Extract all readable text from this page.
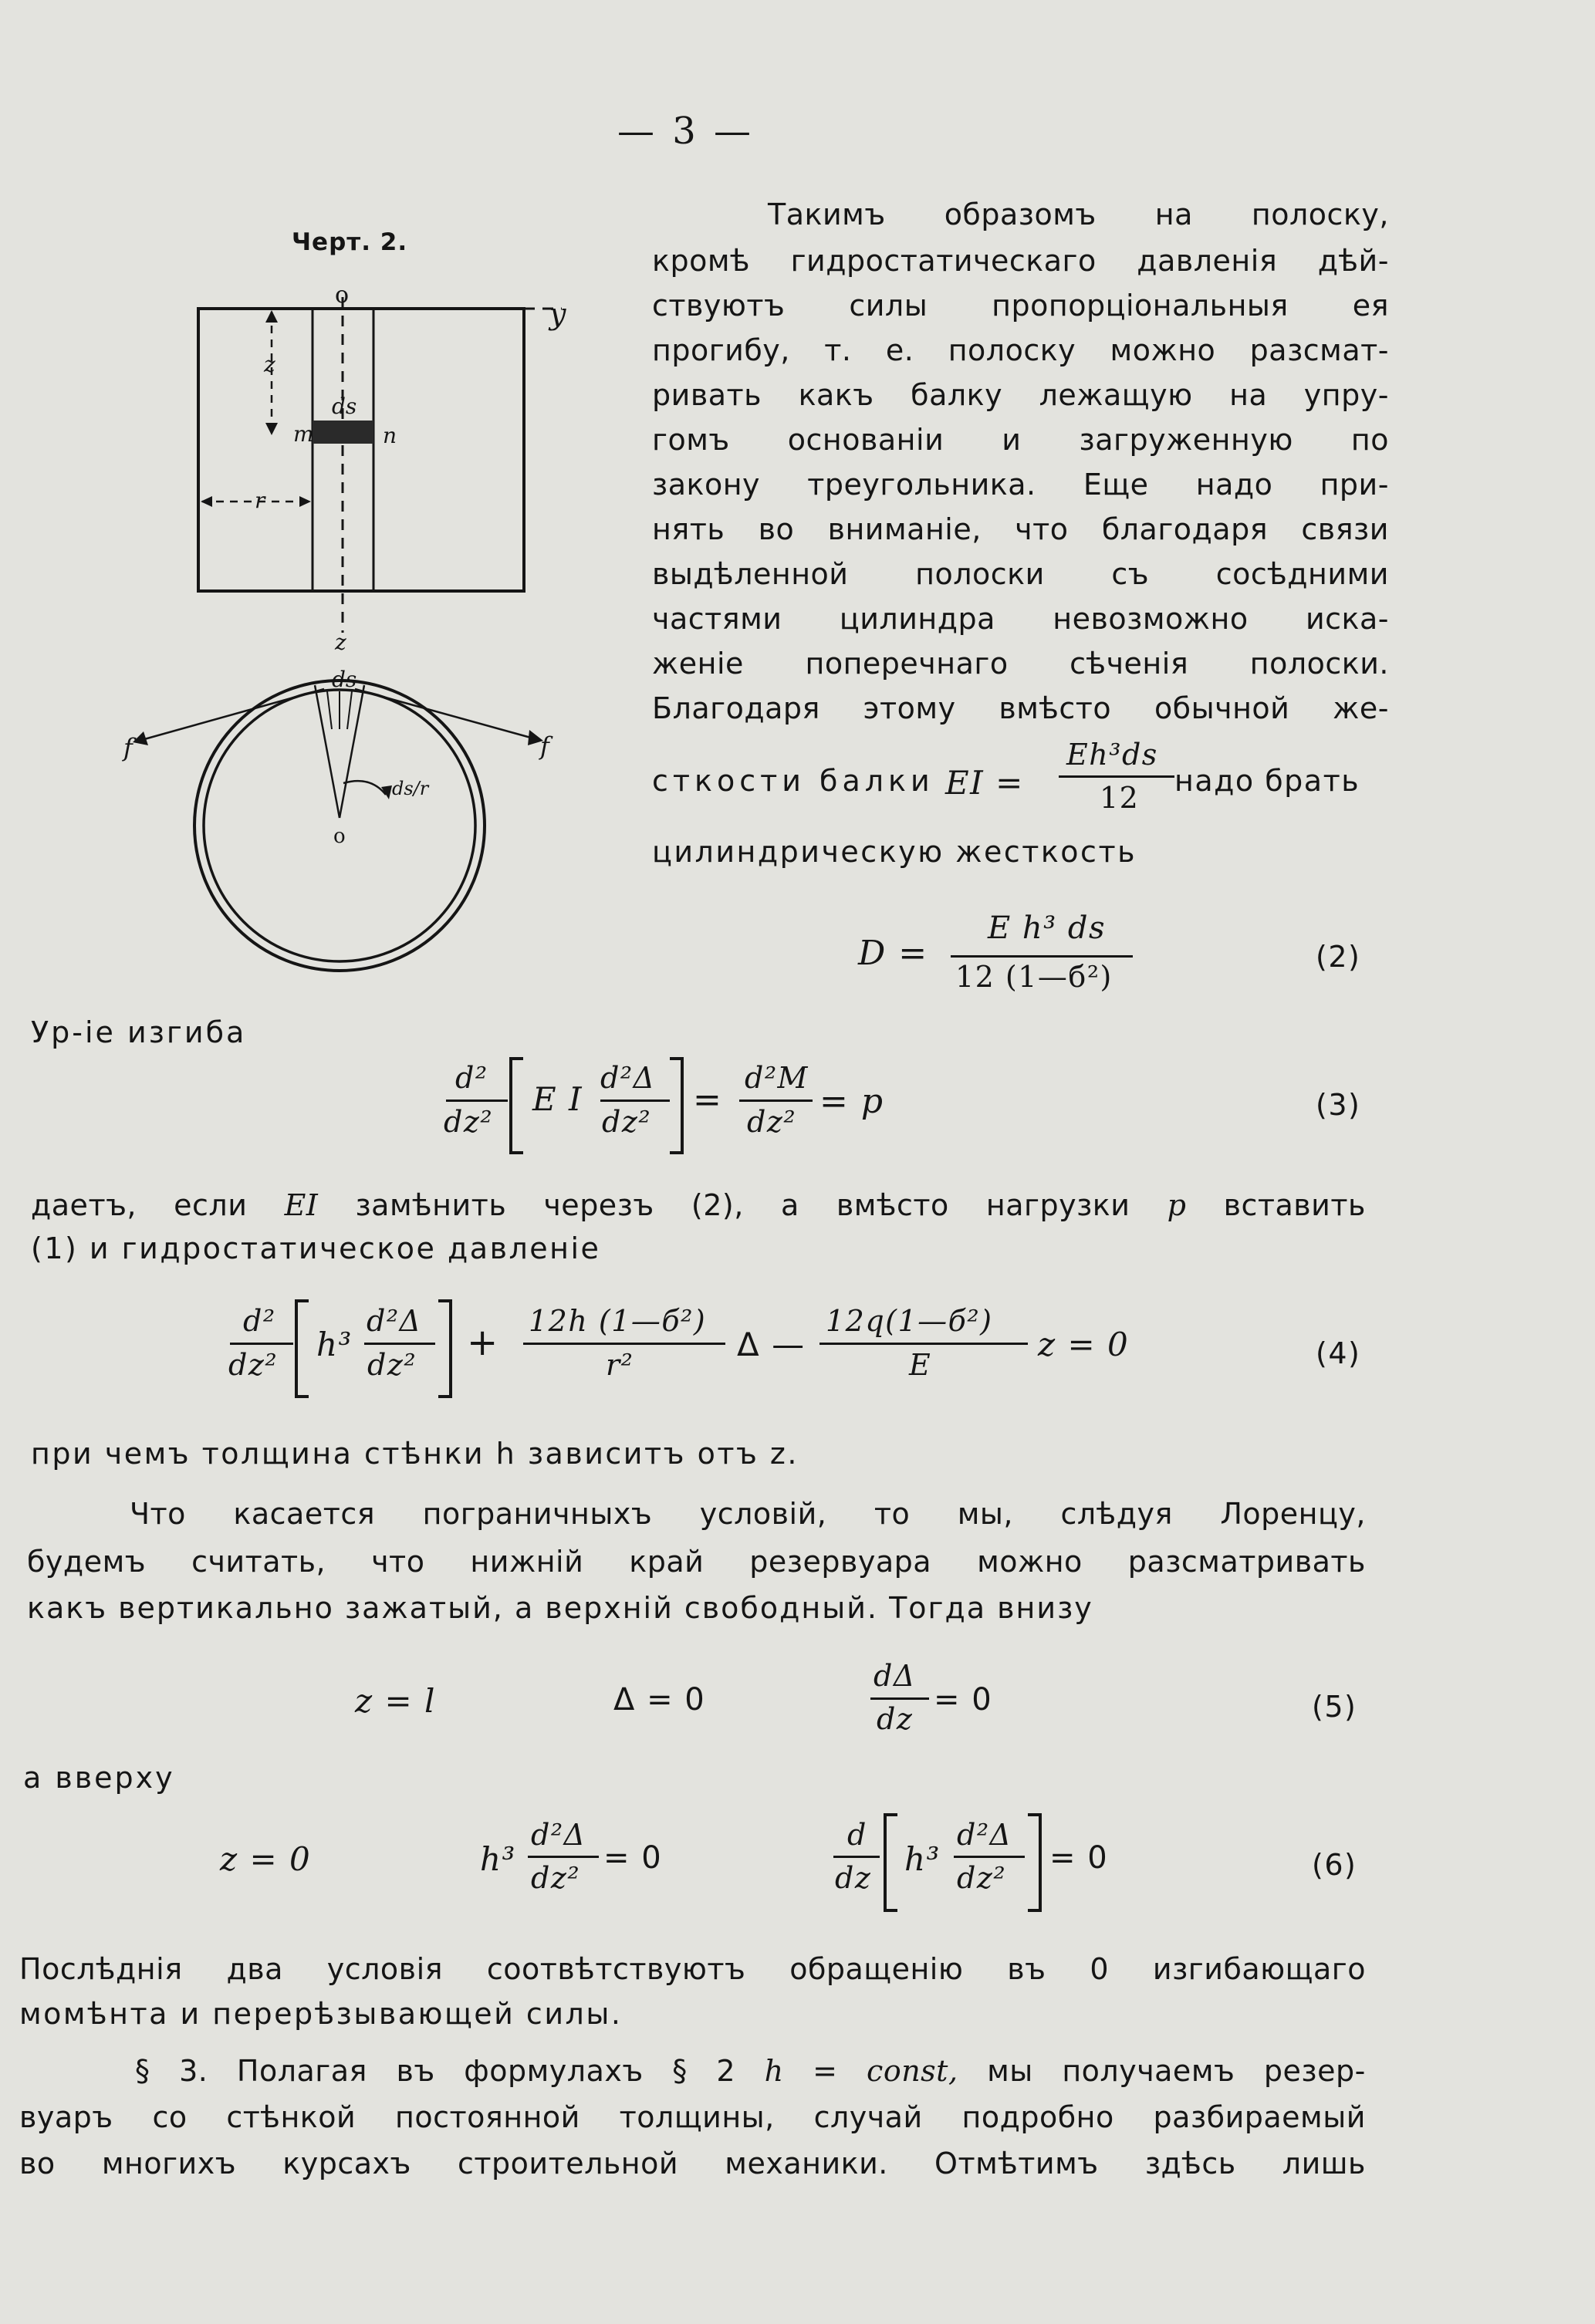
— 3 —
Черт. 2.
o
y
z
ds
m	n
r
z
ds
f	f
o
ds/r
Такимъ образомъ на полоску,
кромѣ гидростатическаго давленія дѣй-
ствуютъ силы пропорціональныя ея
прогибу, т. е. полоску можно разсмат-
ривать какъ балку лежащую на упру-
гомъ основаніи и загруженную по
закону треугольника. Еще надо при-
нять во вниманіе, что благодаря связи
выдѣленной полоски съ сосѣдними
частями цилиндра невозможно иска-
женіе поперечнаго сѣченія полоски.
Благодаря этому вмѣсто обычной же-
сткости балки EI =
Eh³ds
12 надо брать
цилиндрическую жесткость
D =
E h³ ds
12 (1—б²)
(2)
Ур-іе изгиба
d²
dz²
E I
d²Δ
dz²
=
d²M
dz²
= p	(3)
даетъ, если EI замѣнить черезъ (2), а вмѣсто нагрузки p вставить
(1) и гидростатическое давленіе
d²
dz²
h³
d²Δ
dz²
+ 12h (1—б²)
r²
Δ —
12q(1—б²)
E
z = 0	(4)
при чемъ толщина стѣнки h зависитъ отъ z.
Что касается пограничныхъ условій, то мы, слѣдуя Лоренцу,
будемъ считать, что нижній край резервуара можно разсматривать
какъ вертикально зажатый, а верхній свободный. Тогда внизу
z = l	Δ = 0
dΔ
dz
= 0	(5)
а вверху
z = 0	h³
d²Δ
dz²
= 0
d
dz h³
d²Δ
dz²
= 0	(6)
Послѣднія два условія соотвѣтствуютъ обращенію въ 0 изгибающаго
момѣнта и перерѣзывающей силы.
§ 3. Полагая въ формулахъ § 2 h = const, мы получаемъ резер-
вуаръ со стѣнкой постоянной толщины, случай подробно разбираемый
во многихъ курсахъ строительной механики. Отмѣтимъ здѣсь лишь
